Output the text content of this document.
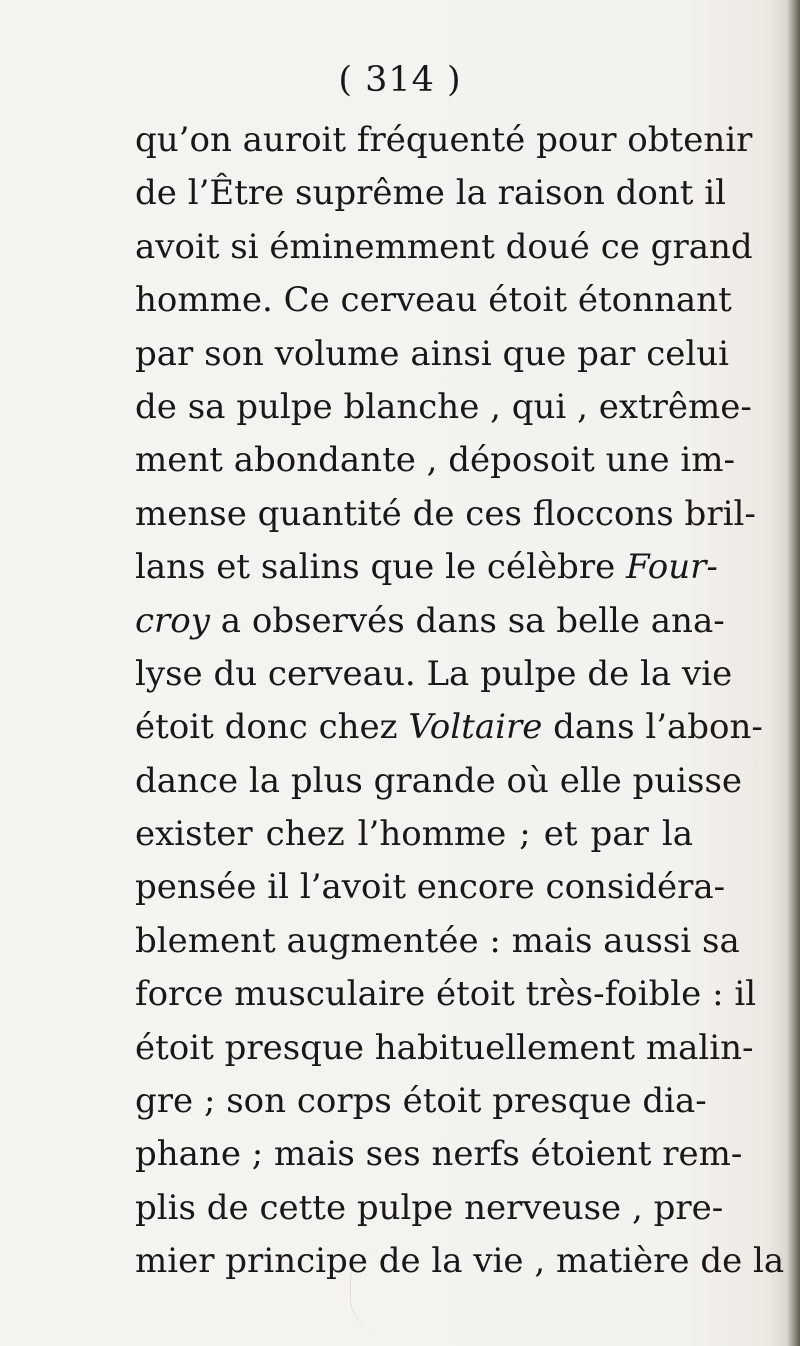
( 314 )
qu’on auroit fréquenté pour obtenir
de l’Être suprême la raison dont il
avoit si éminemment doué ce grand
homme. Ce cerveau étoit étonnant
par son volume ainsi que par celui
de sa pulpe blanche , qui , extrême-
ment abondante , déposoit une im-
mense quantité de ces floccons bril-
lans et salins que le célèbre Four-
croy a observés dans sa belle ana-
lyse du cerveau. La pulpe de la vie
étoit donc chez Voltaire dans l’abon-
dance la plus grande où elle puisse
exister chez l’homme ; et par la
pensée il l’avoit encore considéra-
blement augmentée : mais aussi sa
force musculaire étoit très-foible : il
étoit presque habituellement malin-
gre ; son corps étoit presque dia-
phane ; mais ses nerfs étoient rem-
plis de cette pulpe nerveuse , pre-
mier principe de la vie , matière de la
